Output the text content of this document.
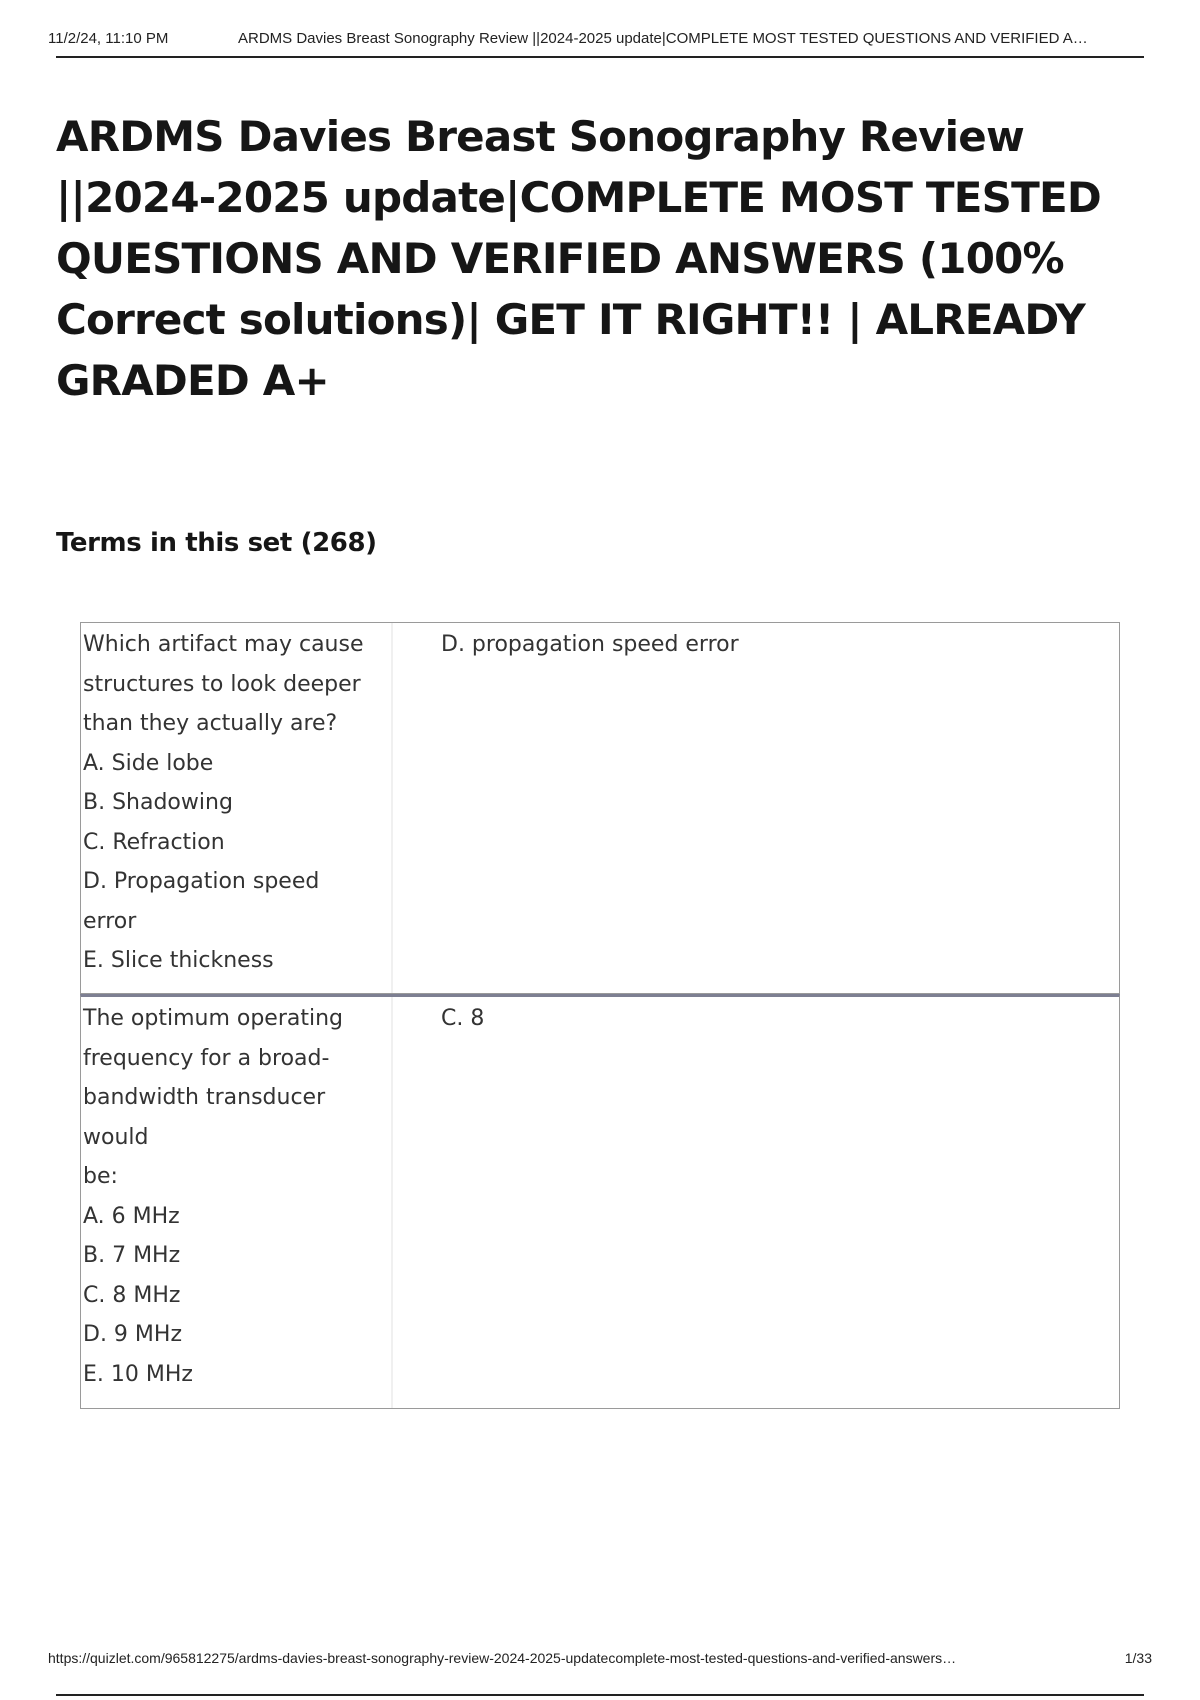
11/2/24, 11:10 PM	ARDMS Davies Breast Sonography Review ||2024-2025 update|COMPLETE MOST TESTED QUESTIONS AND VERIFIED A…
ARDMS Davies Breast Sonography Review
||2024-2025 update|COMPLETE MOST TESTED
QUESTIONS AND VERIFIED ANSWERS (100%
Correct solutions)| GET IT RIGHT!! | ALREADY
GRADED A+
Terms in this set (268)
Which artifact may cause
structures to look deeper
than they actually are?
A. Side lobe
B. Shadowing
C. Refraction
D. Propagation speed
error
E. Slice thickness
D. propagation speed error
The optimum operating
frequency for a broad-
bandwidth transducer
would
be:
A. 6 MHz
B. 7 MHz
C. 8 MHz
D. 9 MHz
E. 10 MHz
C. 8
https://quizlet.com/965812275/ardms-davies-breast-sonography-review-2024-2025-updatecomplete-most-tested-questions-and-verified-answers…	1/33
